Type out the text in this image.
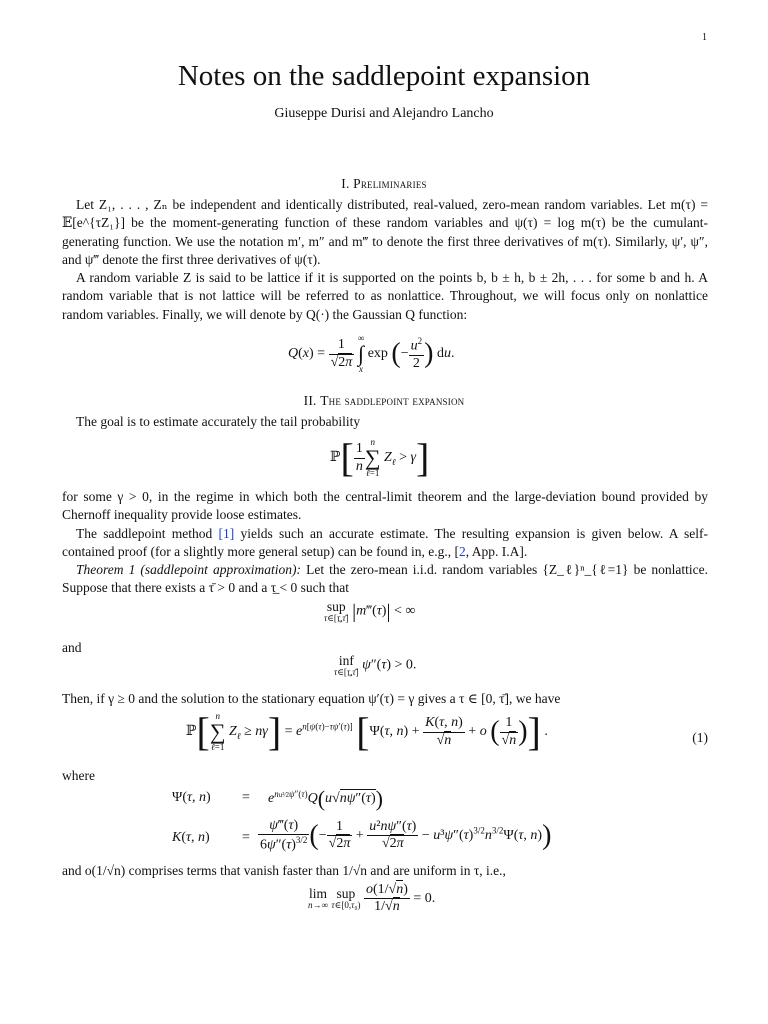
1
Notes on the saddlepoint expansion
Giuseppe Durisi and Alejandro Lancho
I. Preliminaries
Let Z₁, . . . , Zₙ be independent and identically distributed, real-valued, zero-mean random variables. Let m(τ) = 𝔼[e^{τZ₁}] be the moment-generating function of these random variables and ψ(τ) = log m(τ) be the cumulant-generating function. We use the notation m′, m″ and m‴ to denote the first three derivatives of m(τ). Similarly, ψ′, ψ″, and ψ‴ denote the first three derivatives of ψ(τ).
A random variable Z is said to be lattice if it is supported on the points b, b ± h, b ± 2h, . . . for some b and h. A random variable that is not lattice will be referred to as nonlattice. Throughout, we will focus only on nonlattice random variables. Finally, we will denote by Q(·) the Gaussian Q function:
$Q(x) = \frac{1}{√2\pi}$
∞
∫
x
exp (− $\frac{u^2}{2}$ ) du.
II. The saddlepoint expansion
The goal is to estimate accurately the tail probability
ℙ[ $\frac{1}{n}$ n
∑
ℓ=1
$Z_\ell > \gamma$]
for some γ > 0, in the regime in which both the central-limit theorem and the large-deviation bound provided by Chernoff inequality provide loose estimates.
The saddlepoint method [1] yields such an accurate estimate. The resulting expansion is given below. A self-contained proof (for a slightly more general setup) can be found in, e.g., [2, App. I.A].
Theorem 1 (saddlepoint approximation): Let the zero-mean i.i.d. random variables {Z_ℓ}ⁿ_{ℓ=1} be nonlattice. Suppose that there exists a τ̄ > 0 and a τ̲ < 0 such that
sup
τ∈[τ̲,τ̄] |m‴(τ)| < ∞
and
inf
τ∈[τ̲,τ̄] ψ″(τ) > 0.
Then, if γ ≥ 0 and the solution to the stationary equation ψ′(τ) = γ gives a τ ∈ [0, τ̄], we have
ℙ[ n
∑
ℓ=1
$Z_\ell \ge n\gamma] = e^{n[\psi(\tau)-\tau\psi'(\tau)]}$ [Ψ(τ, $n) + \frac{K(\tau, n)}{√n} + o$ ( $\frac{1}{√n}$ )] .	(1)
where
Ψ(τ, $n) = e^{nu^2⁄2\psi''(\tau)}Q(u√n\psi''(\tau))$
K(τ, $n) = \frac{\psi‴(\tau)}{6\psi''(\tau)^{3/2}}$ (− $\frac{1}{√2\pi} + \frac{\text{u²nψ″(τ)}}{√2\pi} - u^3\psi''(\tau)^{3/2}n^{3/2}\Psi(\tau$, n))
and o(1/√n) comprises terms that vanish faster than 1/√n and are uniform in τ, i.e.,
lim
n→∞

sup
τ∈[0,τ₀)
$\frac{o(1/√n)}{1/√n} = 0$.
